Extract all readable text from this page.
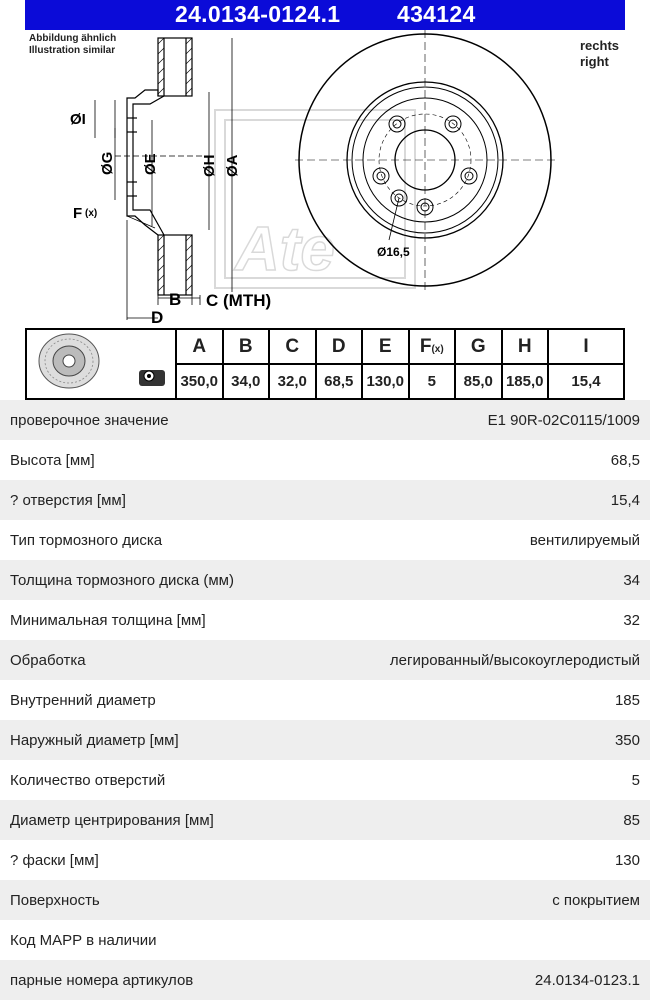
24.0134-0124.1 434124
Abbildung ähnlich
Illustration similar	rechts
right
Ate
ØI
ØG ØE	ØH ØA
F (x)
B C (MTH)
D
Ø16,5
	A	B	C	D	E	F(x)	G	H	I
	350,0	34,0	32,0	68,5	130,0	5	85,0	185,0	15,4
проверочное значение	E1 90R-02C0115/1009
Высота [мм]	68,5
? отверстия [мм]	15,4
Тип тормозного диска	вентилируемый
Толщина тормозного диска (мм)	34
Минимальная толщина [мм]	32
Обработка	легированный/высокоуглеродистый
Внутренний диаметр	185
Наружный диаметр [мм]	350
Количество отверстий	5
Диаметр центрирования [мм]	85
? фаски [мм]	130
Поверхность	с покрытием
Код MAPP в наличии
парные номера артикулов	24.0134-0123.1
